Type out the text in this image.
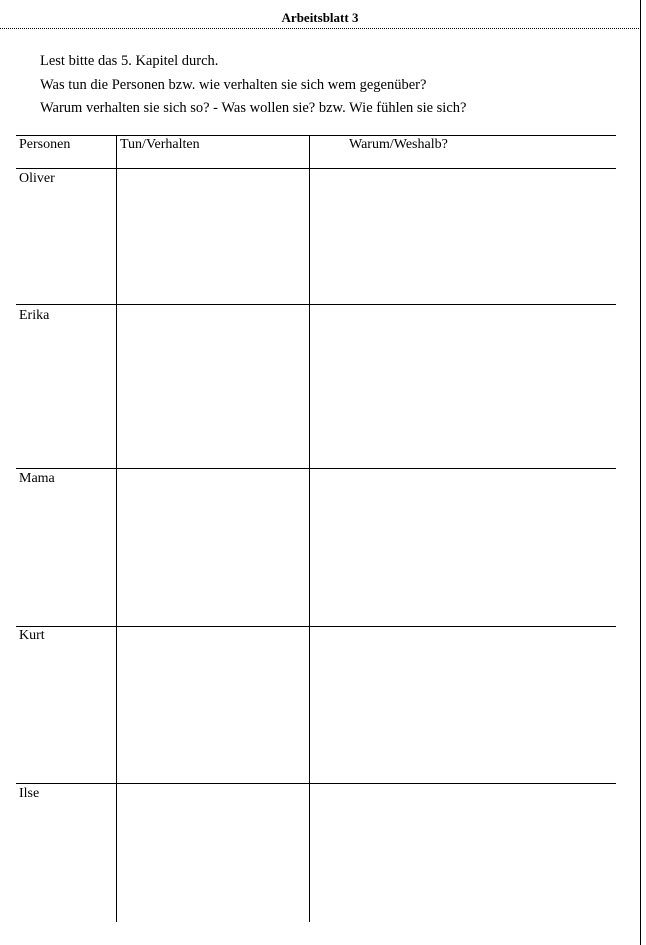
Arbeitsblatt 3
Lest bitte das 5. Kapitel durch.
Was tun die Personen bzw. wie verhalten sie sich wem gegenüber?
Warum verhalten sie sich so? - Was wollen sie? bzw. Wie fühlen sie sich?
Personen	Tun/Verhalten	Warum/Weshalb?
Oliver
Erika
Mama
Kurt
Ilse
